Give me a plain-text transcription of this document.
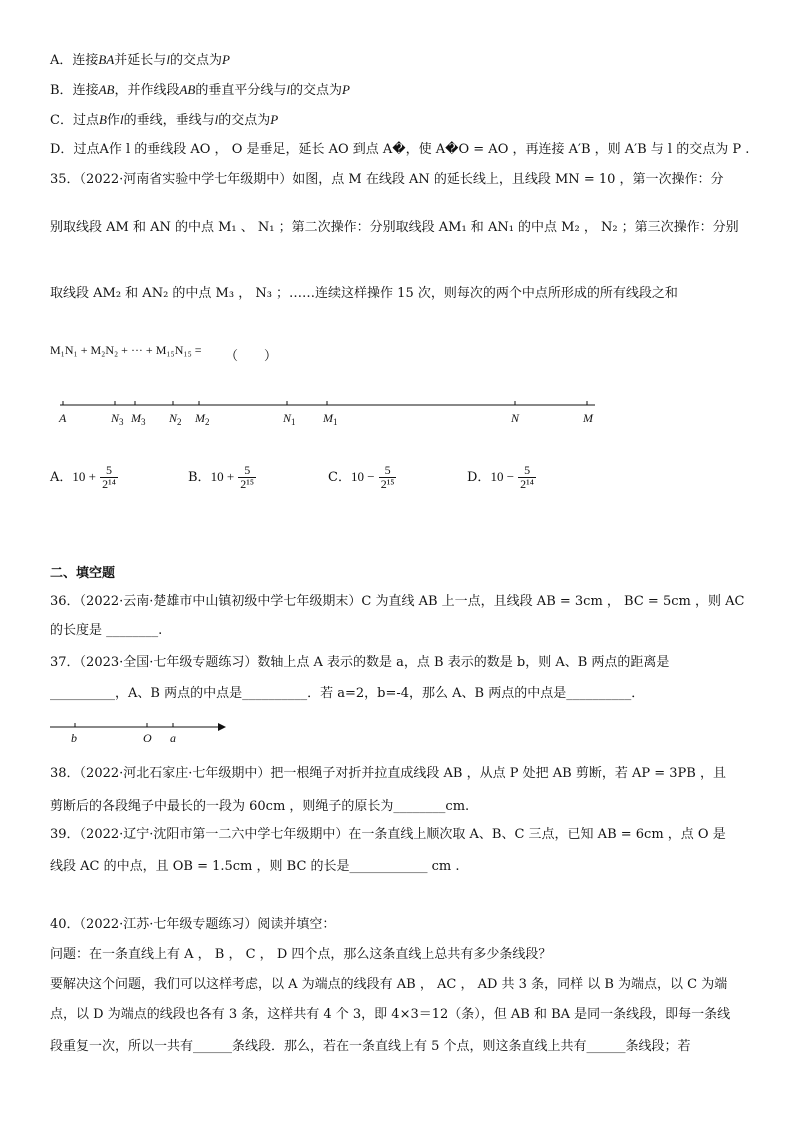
A．连接BA并延长与l的交点为P
B．连接AB，并作线段AB的垂直平分线与l的交点为P
C．过点B作l的垂线，垂线与l的交点为P
D．过点A作 l 的垂线段 AO ， O 是垂足，延长 AO 到点 A�，使 A�O = AO ，再连接 A′B ，则 A′B 与 l 的交点为 P .
35．（2022·河南省实验中学七年级期中）如图，点 M 在线段 AN 的延长线上，且线段 MN = 10 ，第一次操作：分
别取线段 AM 和 AN 的中点 M₁ 、 N₁ ；第二次操作：分别取线段 AM₁ 和 AN₁ 的中点 M₂ ， N₂ ；第三次操作：分别
取线段 AM₂ 和 AN₂ 的中点 M₃ ， N₃ ；……连续这样操作 15 次，则每次的两个中点所形成的所有线段之和
M₁N₁ + M₂N₂ + ··· + M₁₅N₁₅ = （　　）
A	$N_3$ $M_3$ $N_2$ $M_2$	$N_1$ $M_1$	N	M
A．$10 + \frac{5}{\text{2¹⁴}}$	B．$10 + \frac{5}{\text{2¹⁵}}$	C．$10 - \frac{5}{\text{2¹⁵}}$	D．$10 - \frac{5}{\text{2¹⁴}}$
二、填空题
36．（2022·云南·楚雄市中山镇初级中学七年级期末）C 为直线 AB 上一点，且线段 AB = 3cm ， BC = 5cm ，则 AC
的长度是 ________.
37．（2023·全国·七年级专题练习）数轴上点 A 表示的数是 a，点 B 表示的数是 b，则 A、B 两点的距离是
__________，A、B 两点的中点是__________．若 a=2，b=-4，那么 A、B 两点的中点是__________．
b	O a
38．（2022·河北石家庄·七年级期中）把一根绳子对折并拉直成线段 AB ，从点 P 处把 AB 剪断，若 AP = 3PB ，且
剪断后的各段绳子中最长的一段为 60cm ，则绳子的原长为________cm.
39．（2022·辽宁·沈阳市第一二六中学七年级期中）在一条直线上顺次取 A、B、C 三点，已知 AB = 6cm ，点 O 是
线段 AC 的中点，且 OB = 1.5cm ，则 BC 的长是____________ cm .
40．（2022·江苏·七年级专题练习）阅读并填空：
问题：在一条直线上有 A ， B ， C ， D 四个点，那么这条直线上总共有多少条线段？
要解决这个问题，我们可以这样考虑，以 A 为端点的线段有 AB ， AC ， AD 共 3 条，同样 以 B 为端点，以 C 为端
点，以 D 为端点的线段也各有 3 条，这样共有 4 个 3，即 4×3＝12（条），但 AB 和 BA 是同一条线段，即每一条线
段重复一次，所以一共有______条线段．那么，若在一条直线上有 5 个点，则这条直线上共有______条线段；若
